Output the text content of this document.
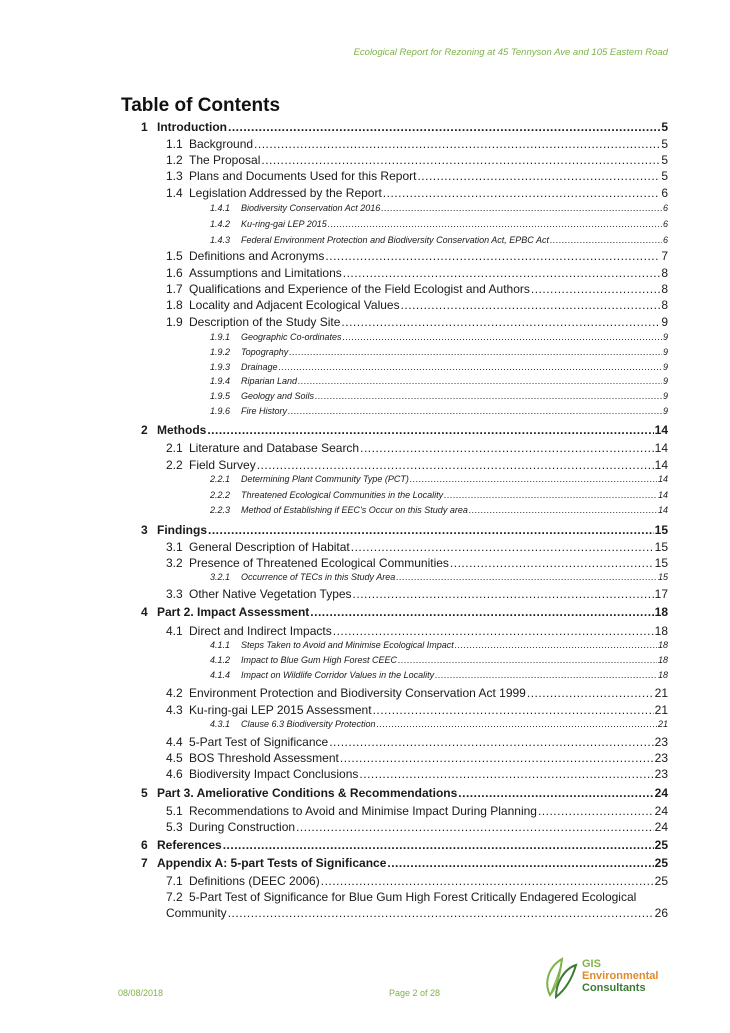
Ecological Report for Rezoning at 45 Tennyson Ave and 105 Eastern Road
Table of Contents
1 Introduction .....	5
1.1 Background .....	5
1.2 The Proposal .....	5
1.3 Plans and Documents Used for this Report .....	5
1.4 Legislation Addressed by the Report .....	6
1.4.1	Biodiversity Conservation Act 2016 .....	6
1.4.2	Ku-ring-gai LEP 2015 .....	6
1.4.3	Federal Environment Protection and Biodiversity Conservation Act, EPBC Act .....	6
1.5 Definitions and Acronyms .....	7
1.6 Assumptions and Limitations .....	8
1.7 Qualifications and Experience of the Field Ecologist and Authors .....	8
1.8 Locality and Adjacent Ecological Values .....	8
1.9 Description of the Study Site .....	9
1.9.1	Geographic Co-ordinates .....	9
1.9.2	Topography .....	9
1.9.3	Drainage .....	9
1.9.4	Riparian Land .....	9
1.9.5	Geology and Soils .....	9
1.9.6	Fire History .....	9
2 Methods .....	14
2.1 Literature and Database Search .....	14
2.2 Field Survey .....	14
2.2.1	Determining Plant Community Type (PCT) .....	14
2.2.2	Threatened Ecological Communities in the Locality .....	14
2.2.3	Method of Establishing if EEC's Occur on this Study area .....	14
3 Findings .....	15
3.1 General Description of Habitat .....	15
3.2 Presence of Threatened Ecological Communities .....	15
3.2.1	Occurrence of TECs in this Study Area .....	15
3.3 Other Native Vegetation Types .....	17
4 Part 2. Impact Assessment .....	18
4.1 Direct and Indirect Impacts .....	18
4.1.1	Steps Taken to Avoid and Minimise Ecological Impact .....	18
4.1.2	Impact to Blue Gum High Forest CEEC .....	18
4.1.4	Impact on Wildlife Corridor Values in the Locality .....	18
4.2 Environment Protection and Biodiversity Conservation Act 1999 .....	21
4.3 Ku-ring-gai LEP 2015 Assessment .....	21
4.3.1	Clause 6.3 Biodiversity Protection .....	21
4.4 5-Part Test of Significance .....	23
4.5 BOS Threshold Assessment .....	23
4.6 Biodiversity Impact Conclusions .....	23
5 Part 3. Ameliorative Conditions & Recommendations .....	24
5.1 Recommendations to Avoid and Minimise Impact During Planning .....	24
5.3 During Construction .....	24
6 References .....	25
7 Appendix A: 5-part Tests of Significance .....	25
7.1 Definitions (DEEC 2006) .....	25
7.2 5-Part Test of Significance for Blue Gum High Forest Critically Endagered Ecological
Community .....	26
08/08/2018	Page 2 of 28
GIS
Environmental
Consultants
